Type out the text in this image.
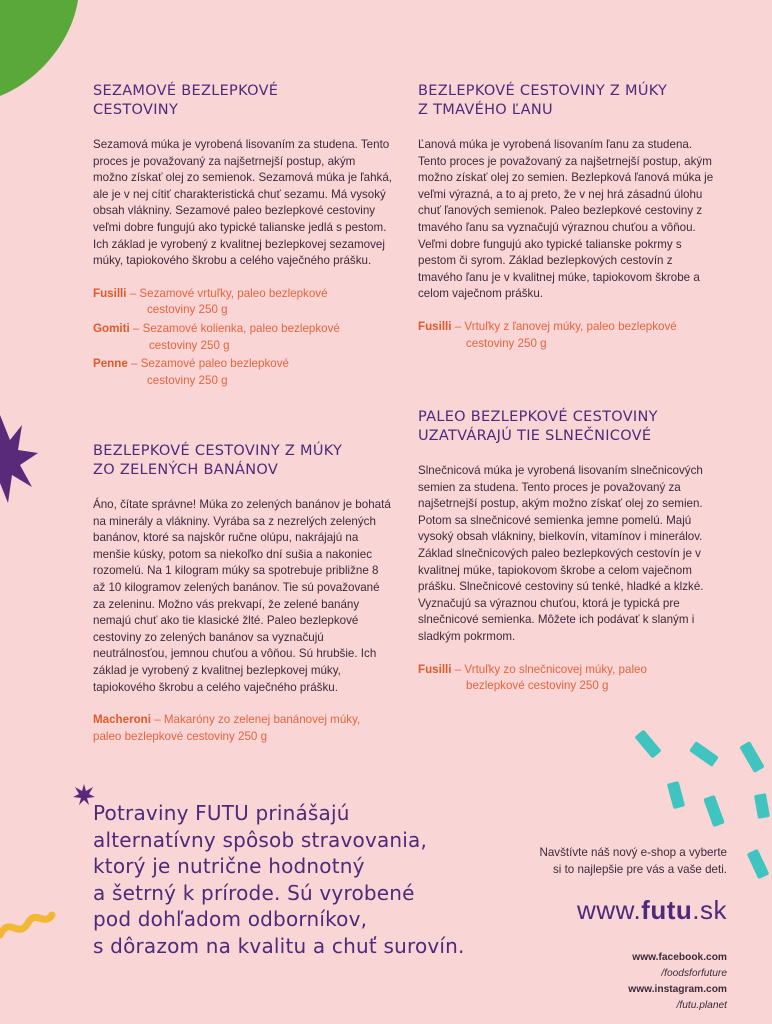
SEZAMOVÉ BEZLEPKOVÉ
CESTOVINY

Sezamová múka je vyrobená lisovaním za studena. Tento proces je považovaný za najšetrnejší postup, akým možno získať olej zo semienok. Sezamová múka je ľahká, ale je v nej cítiť charakteristická chuť sezamu. Má vysoký obsah vlákniny. Sezamové paleo bezlepkové cestoviny veľmi dobre fungujú ako typické talianske jedlá s pestom. Ich základ je vyrobený z kvalitnej bezlepkovej sezamovej múky, tapiokového škrobu a celého vaječného prášku.

Fusilli – Sezamové vrtuľky, paleo bezlepkové
cestoviny 250 g
Gomiti – Sezamové kolienka, paleo bezlepkové
cestoviny 250 g
Penne – Sezamové paleo bezlepkové
cestoviny 250 g
BEZLEPKOVÉ CESTOVINY Z MÚKY
ZO ZELENÝCH BANÁNOV

Áno, čítate správne! Múka zo zelených banánov je bohatá na minerály a vlákniny. Vyrába sa z nezrelých zelených banánov, ktoré sa najskôr ručne olúpu, nakrájajú na menšie kúsky, potom sa niekoľko dní sušia a nakoniec rozomelú. Na 1 kilogram múky sa spotrebuje približne 8 až 10 kilogramov zelených banánov. Tie sú považované za zeleninu. Možno vás prekvapí, že zelené banány nemajú chuť ako tie klasické žlté. Paleo bezlepkové cestoviny zo zelených banánov sa vyznačujú neutrálnosťou, jemnou chuťou a vôňou. Sú hrubšie. Ich základ je vyrobený z kvalitnej bezlepkovej múky, tapiokového škrobu a celého vaječného prášku.

Macheroni – Makaróny zo zelenej banánovej múky,
paleo bezlepkové cestoviny 250 g
BEZLEPKOVÉ CESTOVINY Z MÚKY
Z TMAVÉHO ĽANU

Ľanová múka je vyrobená lisovaním ľanu za studena. Tento proces je považovaný za najšetrnejší postup, akým možno získať olej zo semien. Bezlepková ľanová múka je veľmi výrazná, a to aj preto, že v nej hrá zásadnú úlohu chuť ľanových semienok. Paleo bezlepkové cestoviny z tmavého ľanu sa vyznačujú výraznou chuťou a vôňou. Veľmi dobre fungujú ako typické talianske pokrmy s pestom či syrom. Základ bezlepkových cestovín z tmavého ľanu je v kvalitnej múke, tapiokovom škrobe a celom vaječnom prášku.

Fusilli – Vrtuľky z ľanovej múky, paleo bezlepkové
cestoviny 250 g
PALEO BEZLEPKOVÉ CESTOVINY
UZATVÁRAJÚ TIE SLNEČNICOVÉ

Slnečnicová múka je vyrobená lisovaním slnečnicových semien za studena. Tento proces je považovaný za najšetrnejší postup, akým možno získať olej zo semien. Potom sa slnečnicové semienka jemne pomelú. Majú vysoký obsah vlákniny, bielkovín, vitamínov i minerálov. Základ slnečnicových paleo bezlepkových cestovín je v kvalitnej múke, tapiokovom škrobe a celom vaječnom prášku. Slnečnicové cestoviny sú tenké, hladké a klzké. Vyznačujú sa výraznou chuťou, ktorá je typická pre slnečnicové semienka. Môžete ich podávať k slaným i sladkým pokrmom.

Fusilli – Vrtuľky zo slnečnicovej múky, paleo
bezlepkové cestoviny 250 g
Potraviny FUTU prinášajú
alternatívny spôsob stravovania,
ktorý je nutrične hodnotný
a šetrný k prírode. Sú vyrobené
pod dohľadom odborníkov,
s dôrazom na kvalitu a chuť surovín.
Navštívte náš nový e-shop a vyberte
si to najlepšie pre vás a vaše deti.
www.futu.sk
www.facebook.com
/foodsforfuture
www.instagram.com
/futu.planet
